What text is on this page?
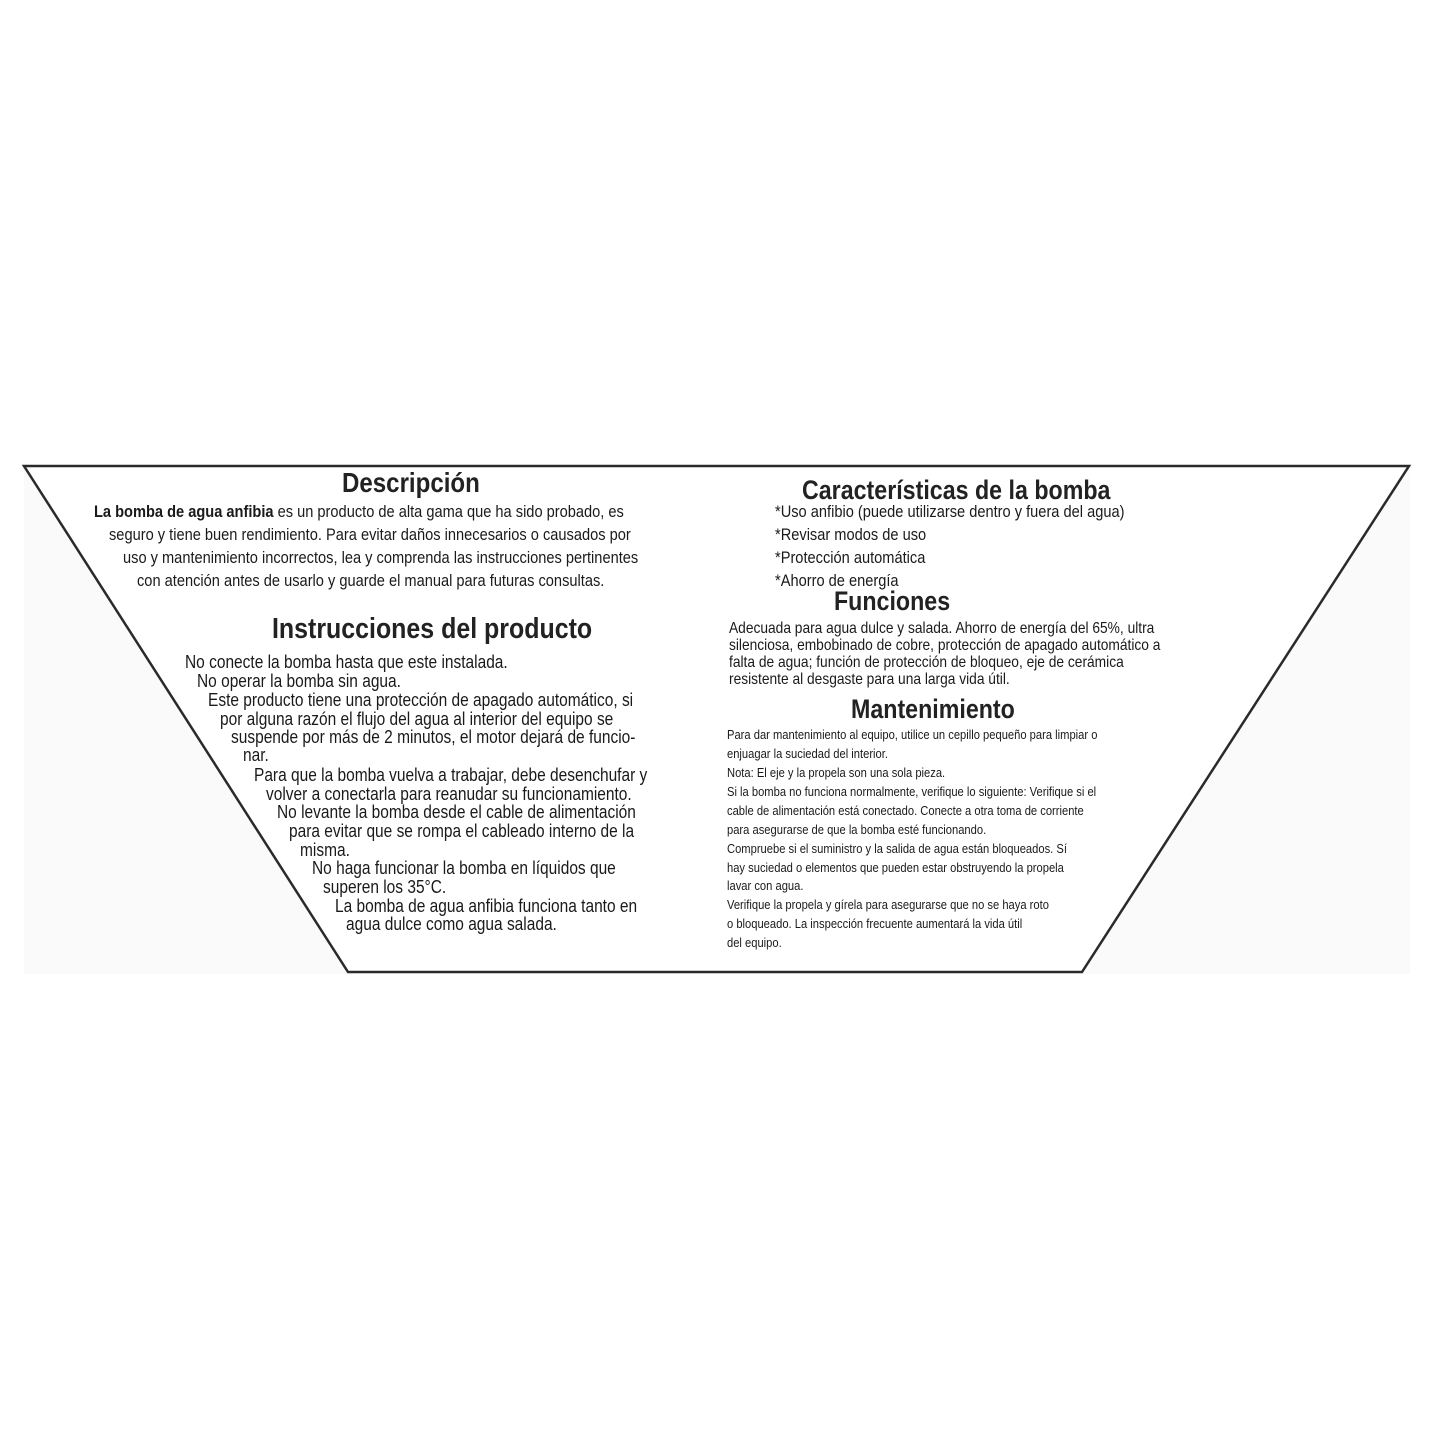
Descripción
La bomba de agua anfibia es un producto de alta gama que ha sido probado, es
seguro y tiene buen rendimiento. Para evitar daños innecesarios o causados por
uso y mantenimiento incorrectos, lea y comprenda las instrucciones pertinentes
con atención antes de usarlo y guarde el manual para futuras consultas.
Instrucciones del producto
No conecte la bomba hasta que este instalada.
No operar la bomba sin agua.
Este producto tiene una protección de apagado automático, si
por alguna razón el flujo del agua al interior del equipo se
suspende por más de 2 minutos, el motor dejará de funcio-
nar.
Para que la bomba vuelva a trabajar, debe desenchufar y
volver a conectarla para reanudar su funcionamiento.
No levante la bomba desde el cable de alimentación
para evitar que se rompa el cableado interno de la
misma.
No haga funcionar la bomba en líquidos que
superen los 35°C.
La bomba de agua anfibia funciona tanto en
agua dulce como agua salada.
Características de la bomba
*Uso anfibio (puede utilizarse dentro y fuera del agua)
*Revisar modos de uso
*Protección automática
*Ahorro de energía
Funciones
Adecuada para agua dulce y salada. Ahorro de energía del 65%, ultra
silenciosa, embobinado de cobre, protección de apagado automático a
falta de agua; función de protección de bloqueo, eje de cerámica
resistente al desgaste para una larga vida útil.
Mantenimiento
Para dar mantenimiento al equipo, utilice un cepillo pequeño para limpiar o
enjuagar la suciedad del interior.
Nota: El eje y la propela son una sola pieza.
Si la bomba no funciona normalmente, verifique lo siguiente: Verifique si el
cable de alimentación está conectado. Conecte a otra toma de corriente
para asegurarse de que la bomba esté funcionando.
Compruebe si el suministro y la salida de agua están bloqueados. Sí
hay suciedad o elementos que pueden estar obstruyendo la propela
lavar con agua.
Verifique la propela y gírela para asegurarse que no se haya roto
o bloqueado. La inspección frecuente aumentará la vida útil
del equipo.
